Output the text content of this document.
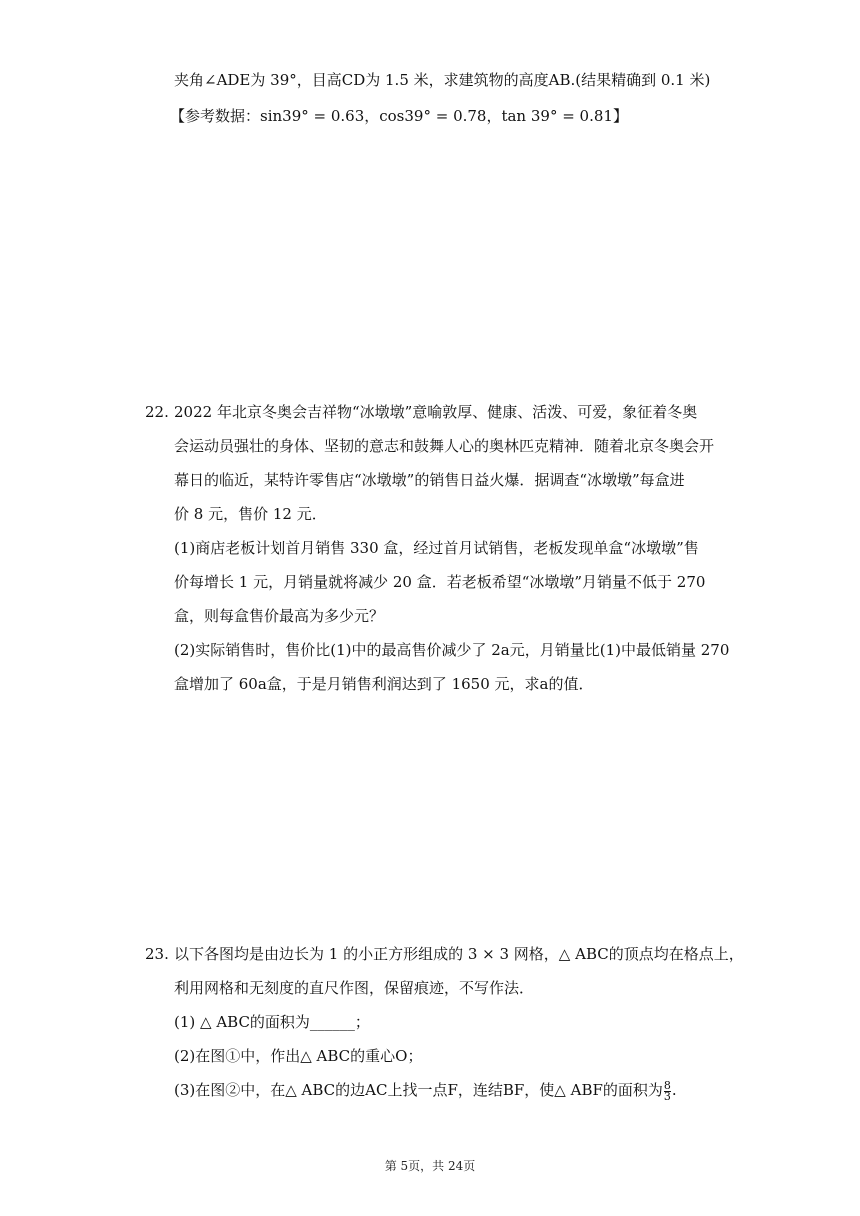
夹角∠ADE为 39°，目高CD为 1.5 米，求建筑物的高度AB.(结果精确到 0.1 米)
【参考数据：sin39° = 0.63，cos39° = 0.78，tan 39° = 0.81】
22. 2022 年北京冬奥会吉祥物“冰墩墩”意喻敦厚、健康、活泼、可爱，象征着冬奥
会运动员强壮的身体、坚韧的意志和鼓舞人心的奥林匹克精神．随着北京冬奥会开
幕日的临近，某特许零售店“冰墩墩”的销售日益火爆．据调查“冰墩墩”每盒进
价 8 元，售价 12 元．
(1)商店老板计划首月销售 330 盒，经过首月试销售，老板发现单盒“冰墩墩”售
价每增长 1 元，月销量就将减少 20 盒．若老板希望“冰墩墩”月销量不低于 270
盒，则每盒售价最高为多少元？
(2)实际销售时，售价比(1)中的最高售价减少了 2a元，月销量比(1)中最低销量 270
盒增加了 60a盒，于是月销售利润达到了 1650 元，求a的值．
23. 以下各图均是由边长为 1 的小正方形组成的 3 × 3 网格，△ ABC的顶点均在格点上，
利用网格和无刻度的直尺作图，保留痕迹，不写作法．
(1) △ ABC的面积为______；
(2)在图①中，作出△ ABC的重心O；
(3)在图②中，在△ ABC的边AC上找一点F，连结BF，使△ ABF的面积为 $\frac{8}{3}$ .
第 5页，共 24页
